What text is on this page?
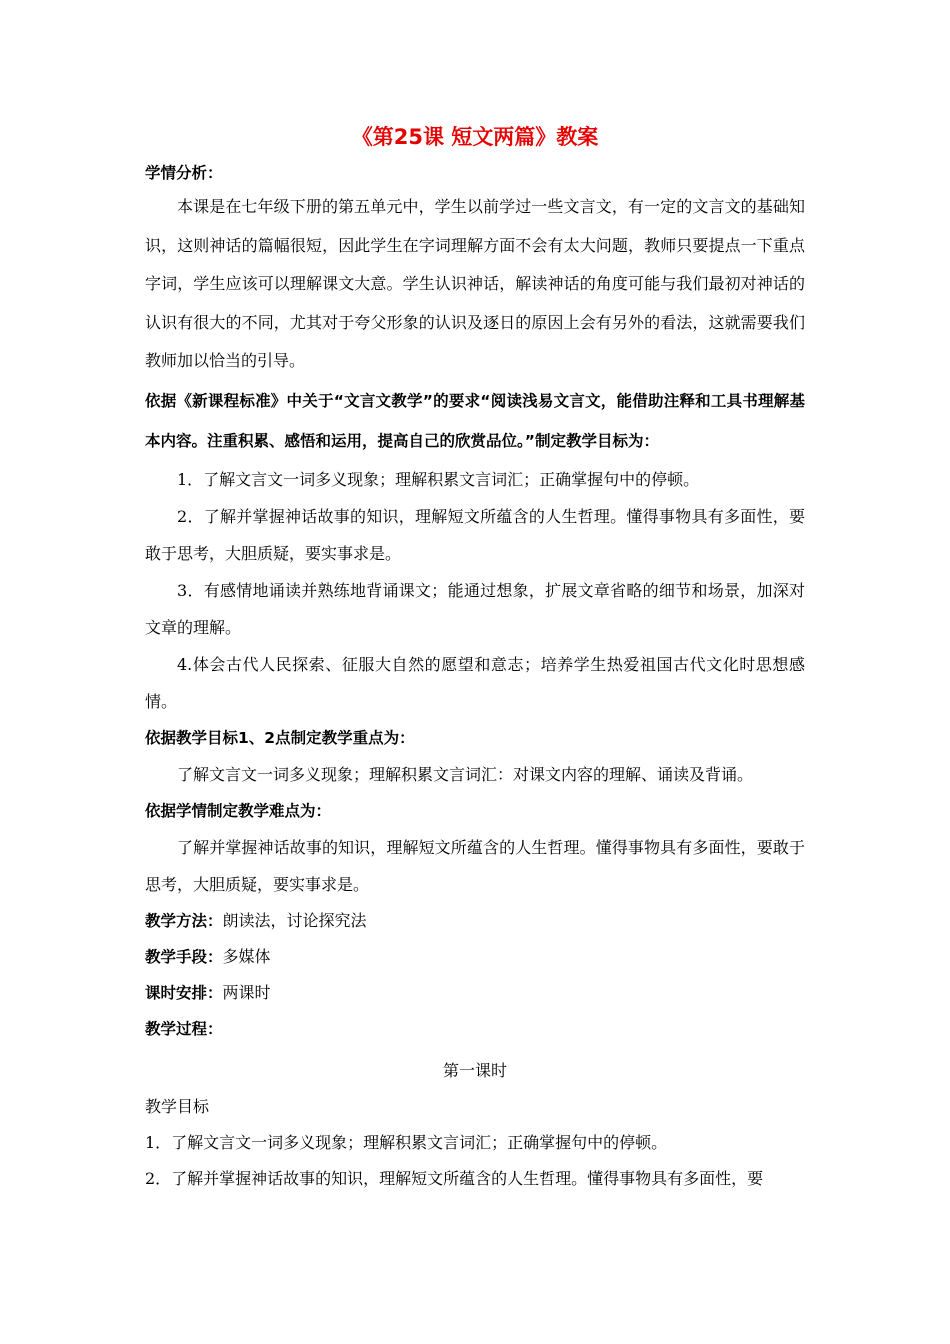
《第25课 短文两篇》教案

学情分析：

本课是在七年级下册的第五单元中，学生以前学过一些文言文，有一定的文言文的基础知识，这则神话的篇幅很短，因此学生在字词理解方面不会有太大问题，教师只要提点一下重点字词，学生应该可以理解课文大意。学生认识神话，解读神话的角度可能与我们最初对神话的认识有很大的不同，尤其对于夸父形象的认识及逐日的原因上会有另外的看法，这就需要我们教师加以恰当的引导。

依据《新课程标准》中关于“文言文教学”的要求“阅读浅易文言文，能借助注释和工具书理解基本内容。注重积累、感悟和运用，提高自己的欣赏品位。”制定教学目标为：

1．了解文言文一词多义现象；理解积累文言词汇；正确掌握句中的停顿。

2．了解并掌握神话故事的知识，理解短文所蕴含的人生哲理。懂得事物具有多面性，要敢于思考，大胆质疑，要实事求是。

3．有感情地诵读并熟练地背诵课文；能通过想象，扩展文章省略的细节和场景，加深对文章的理解。

4.体会古代人民探索、征服大自然的愿望和意志；培养学生热爱祖国古代文化时思想感情。

依据教学目标1、2点制定教学重点为：

了解文言文一词多义现象；理解积累文言词汇：对课文内容的理解、诵读及背诵。

依据学情制定教学难点为：

了解并掌握神话故事的知识，理解短文所蕴含的人生哲理。懂得事物具有多面性，要敢于思考，大胆质疑，要实事求是。

教学方法：朗读法，讨论探究法

教学手段：多媒体

课时安排：两课时

教学过程：

第一课时

教学目标

1．了解文言文一词多义现象；理解积累文言词汇；正确掌握句中的停顿。

2．了解并掌握神话故事的知识，理解短文所蕴含的人生哲理。懂得事物具有多面性，要
